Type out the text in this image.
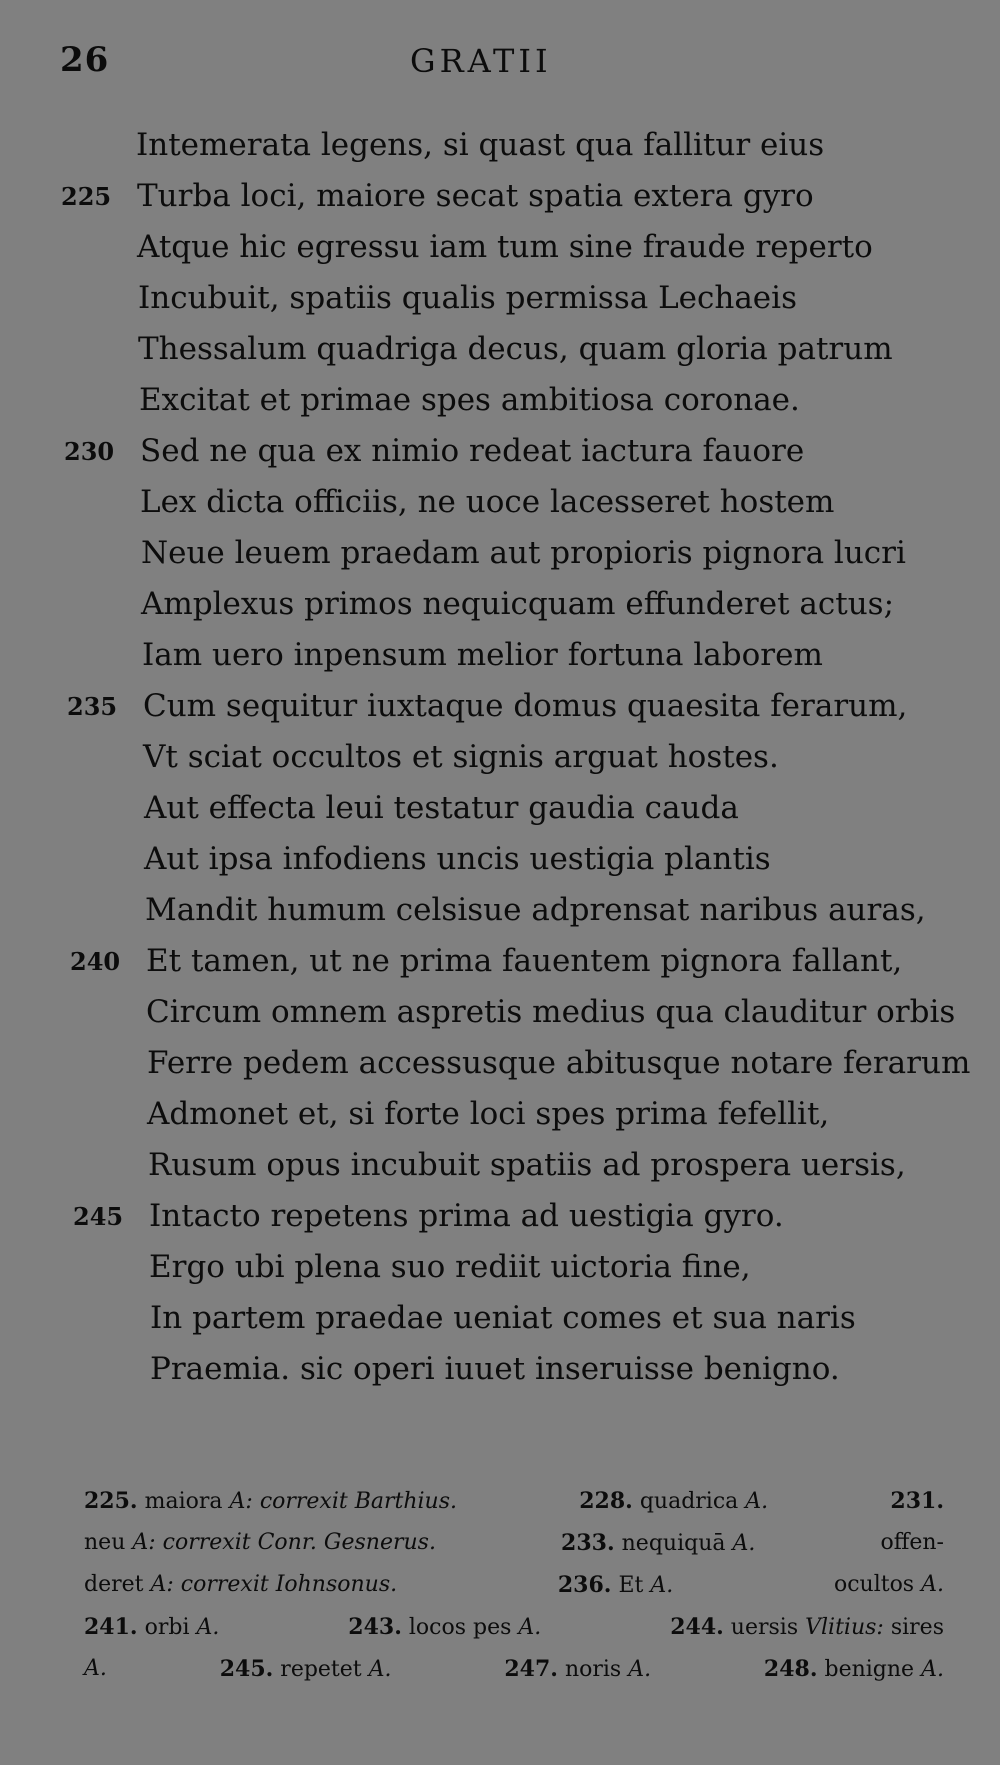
26	GRATII
Intemerata legens, si quast qua fallitur eius
225 Turba loci, maiore secat spatia extera gyro
Atque hic egressu iam tum sine fraude reperto
Incubuit, spatiis qualis permissa Lechaeis
Thessalum quadriga decus, quam gloria patrum
Excitat et primae spes ambitiosa coronae.
230 Sed ne qua ex nimio redeat iactura fauore
Lex dicta officiis, ne uoce lacesseret hostem
Neue leuem praedam aut propioris pignora lucri
Amplexus primos nequicquam effunderet actus;
Iam uero inpensum melior fortuna laborem
235 Cum sequitur iuxtaque domus quaesita ferarum,
Vt sciat occultos et signis arguat hostes.
Aut effecta leui testatur gaudia cauda
Aut ipsa infodiens uncis uestigia plantis
Mandit humum celsisue adprensat naribus auras,
240 Et tamen, ut ne prima fauentem pignora fallant,
Circum omnem aspretis medius qua clauditur orbis
Ferre pedem accessusque abitusque notare ferarum
Admonet et, si forte loci spes prima fefellit,
Rusum opus incubuit spatiis ad prospera uersis,
245 Intacto repetens prima ad uestigia gyro.
Ergo ubi plena suo rediit uictoria fine,
In partem praedae ueniat comes et sua naris
Praemia. sic operi iuuet inseruisse benigno.
225. maiora A: correxit Barthius.	228. quadrica A.	231.
neu A: correxit Conr. Gesnerus.	233. nequiquā A.	offen-
deret A: correxit Iohnsonus.	236. Et A.	ocultos A.
241. orbi A.	243. locos pes A.	244. uersis Vlitius: sires
A.	245. repetet A.	247. noris A.	248. benigne A.
